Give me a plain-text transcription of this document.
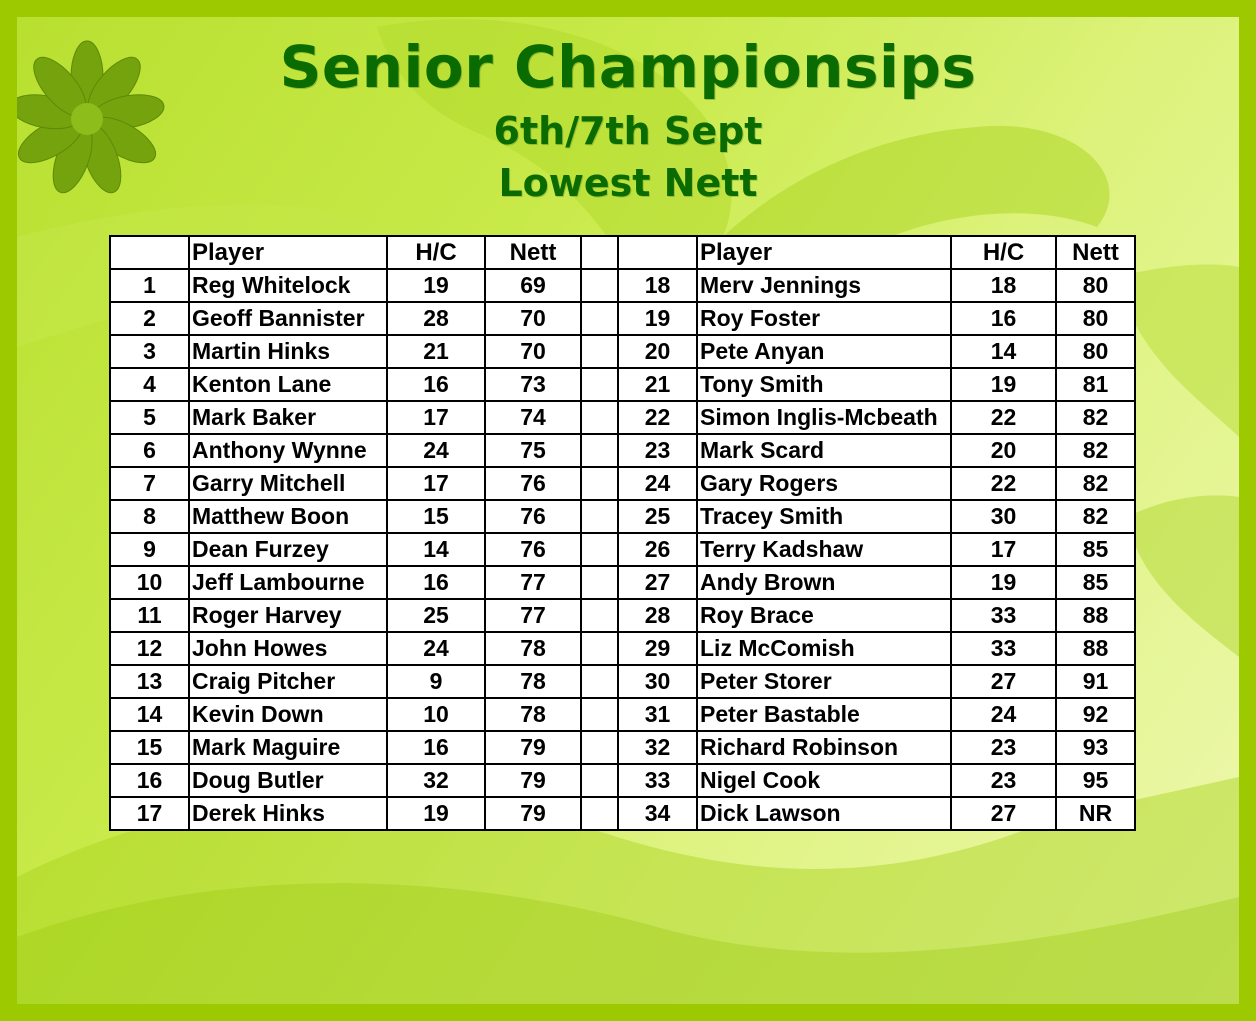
Senior Championsips
6th/7th Sept
Lowest Nett
	Player	H/C	Nett			Player	H/C	Nett
1	Reg Whitelock	19	69		18	Merv Jennings	18	80
2	Geoff Bannister	28	70		19	Roy Foster	16	80
3	Martin Hinks	21	70		20	Pete Anyan	14	80
4	Kenton Lane	16	73		21	Tony Smith	19	81
5	Mark Baker	17	74		22	Simon Inglis-Mcbeath	22	82
6	Anthony Wynne	24	75		23	Mark Scard	20	82
7	Garry Mitchell	17	76		24	Gary Rogers	22	82
8	Matthew Boon	15	76		25	Tracey Smith	30	82
9	Dean Furzey	14	76		26	Terry Kadshaw	17	85
10	Jeff Lambourne	16	77		27	Andy Brown	19	85
11	Roger Harvey	25	77		28	Roy Brace	33	88
12	John Howes	24	78		29	Liz McComish	33	88
13	Craig Pitcher	9	78		30	Peter Storer	27	91
14	Kevin Down	10	78		31	Peter Bastable	24	92
15	Mark Maguire	16	79		32	Richard Robinson	23	93
16	Doug Butler	32	79		33	Nigel Cook	23	95
17	Derek Hinks	19	79		34	Dick Lawson	27	NR
